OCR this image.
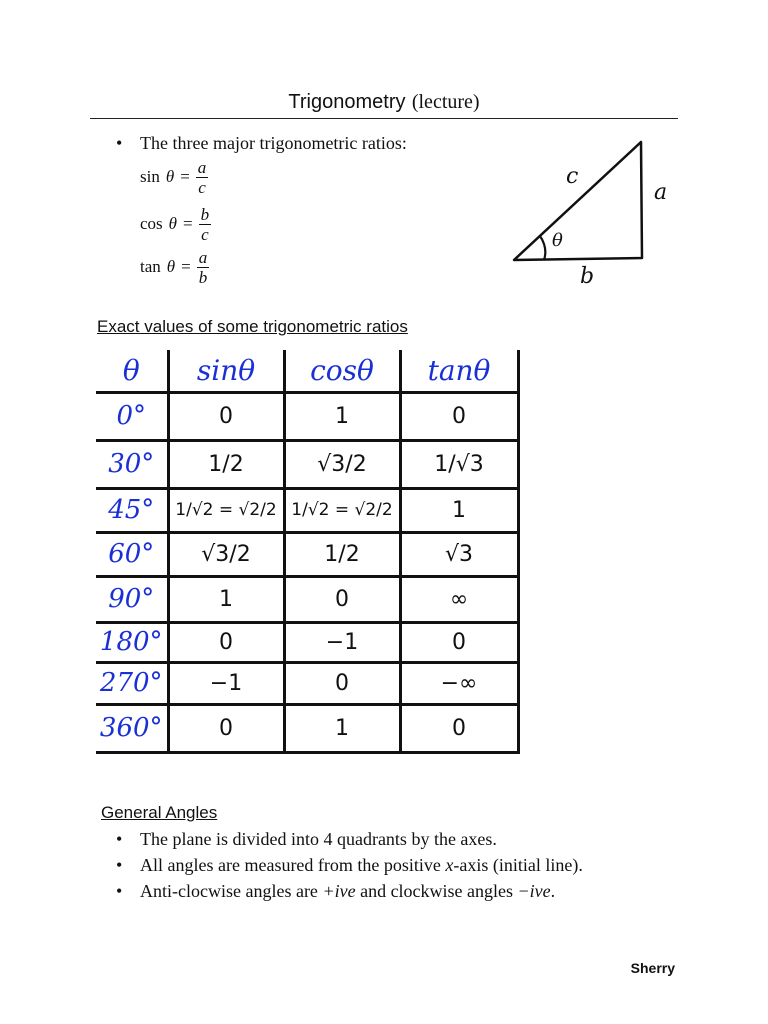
Trigonometry (lecture)
• The three major trigonometric ratios:
$\sin \theta = \frac{a}{c}$
$\cos \theta = \frac{b}{c}$
$\tan \theta = \frac{a}{b}$
c
a
b
θ
Exact values of some trigonometric ratios
θ	sinθ	cosθ	tanθ
0°	0	1	0
30°	1/2	√3/2	1/√3
45°	1/√2 = √2/2	1/√2 = √2/2	1
60°	√3/2	1/2	√3
90°	1	0	∞
180°	0	−1	0
270°	−1	0	−∞
360°	0	1	0
General Angles
• The plane is divided into 4 quadrants by the axes.
• All angles are measured from the positive x-axis (initial line).
• Anti-clocwise angles are +ive and clockwise angles −ive.
Sherry
